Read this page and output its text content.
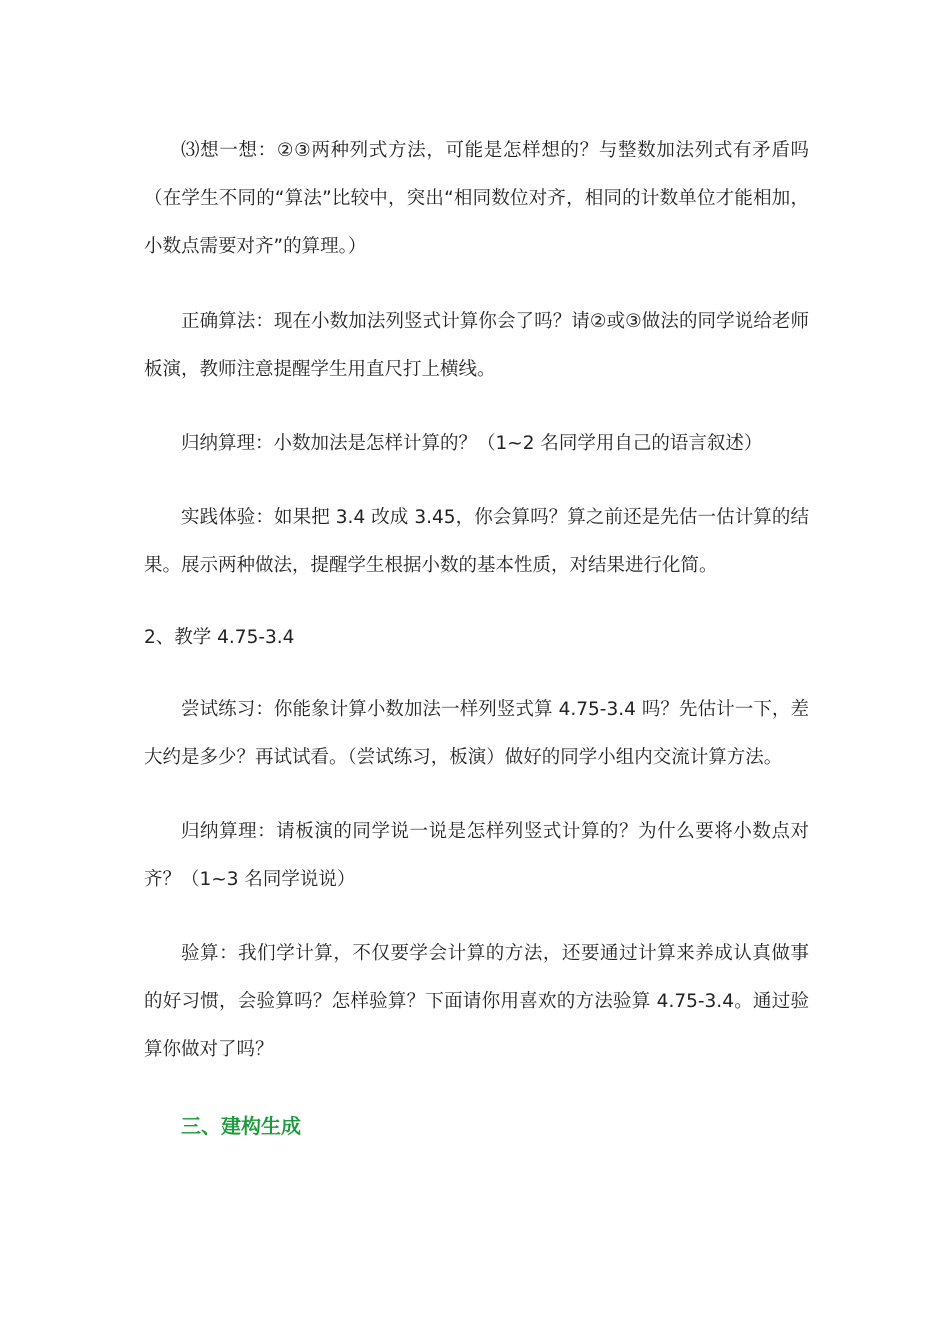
⑶想一想：②③两种列式方法，可能是怎样想的？与整数加法列式有矛盾吗（在学生不同的“算法”比较中，突出“相同数位对齐，相同的计数单位才能相加，小数点需要对齐”的算理。）

正确算法：现在小数加法列竖式计算你会了吗？请②或③做法的同学说给老师板演，教师注意提醒学生用直尺打上横线。

归纳算理：小数加法是怎样计算的？（1~2 名同学用自己的语言叙述）

实践体验：如果把 3.4 改成 3.45，你会算吗？算之前还是先估一估计算的结果。展示两种做法，提醒学生根据小数的基本性质，对结果进行化简。

2、教学 4.75-3.4

尝试练习：你能象计算小数加法一样列竖式算 4.75-3.4 吗？先估计一下，差大约是多少？再试试看。（尝试练习，板演）做好的同学小组内交流计算方法。

归纳算理：请板演的同学说一说是怎样列竖式计算的？为什么要将小数点对齐？（1~3 名同学说说）

验算：我们学计算，不仅要学会计算的方法，还要通过计算来养成认真做事的好习惯，会验算吗？怎样验算？下面请你用喜欢的方法验算 4.75-3.4。通过验算你做对了吗？

三、建构生成
